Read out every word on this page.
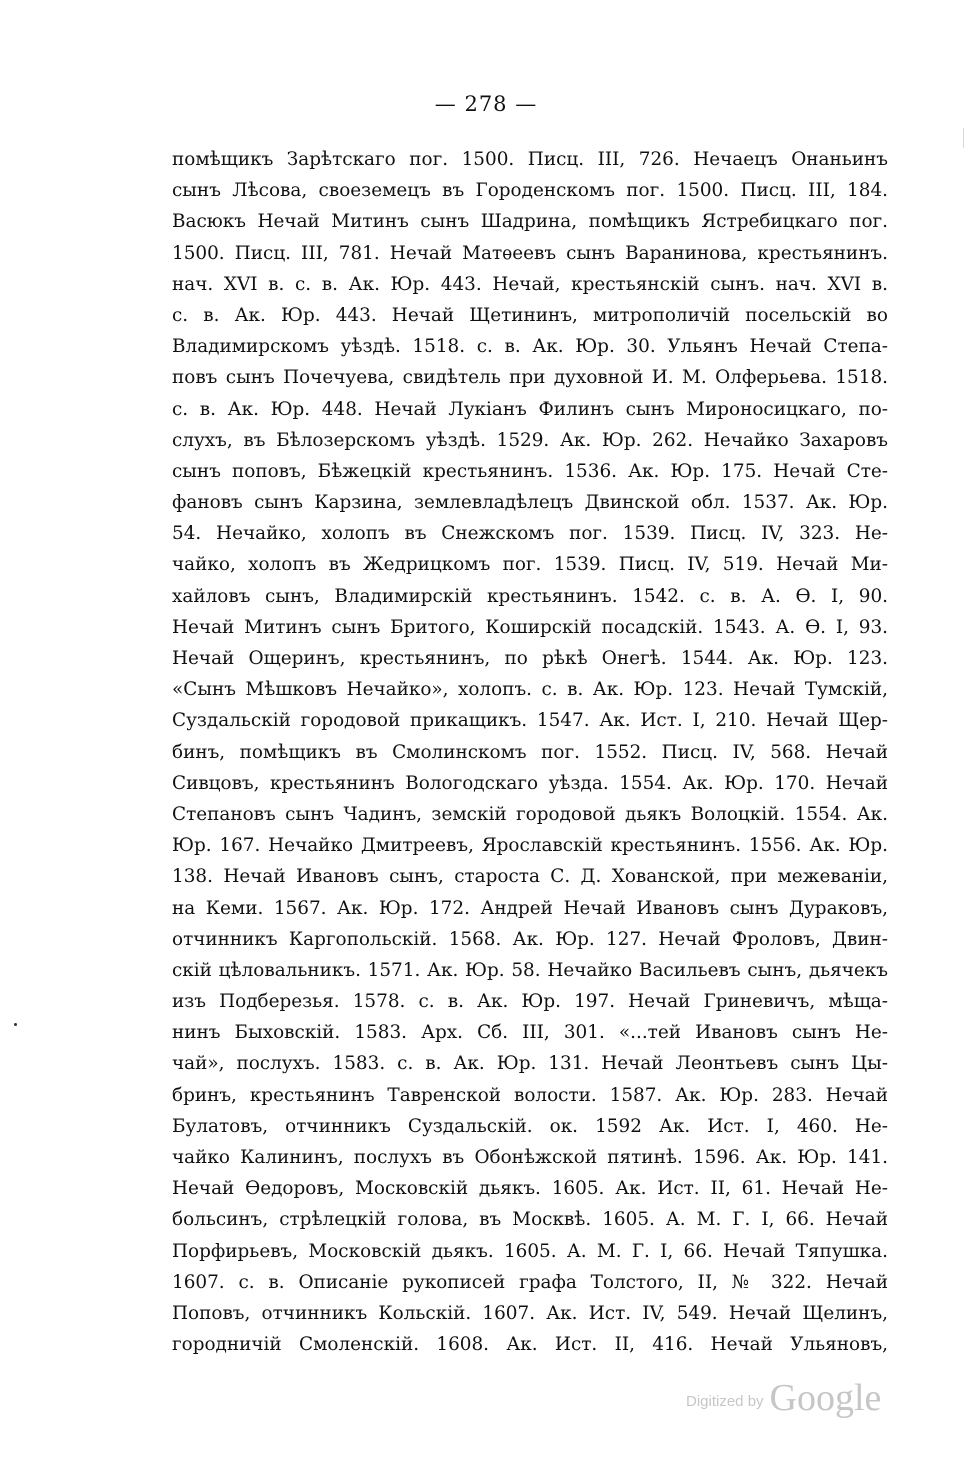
— 278 —
помѣщикъ Зарѣтскаго пог. 1500. Писц. III, 726. Нечаецъ Онаньинъ
сынъ Лѣсова, своеземецъ въ Городенскомъ пог. 1500. Писц. III, 184.
Васюкъ Нечай Митинъ сынъ Шадрина, помѣщикъ Ястребицкаго пог.
1500. Писц. III, 781. Нечай Матѳеевъ сынъ Варанинова, крестьянинъ.
нач. XVI в. с. в. Ак. Юр. 443. Нечай, крестьянскій сынъ. нач. XVI в.
с. в. Ак. Юр. 443. Нечай Щетининъ, митрополичій посельскій во
Владимирскомъ уѣздѣ. 1518. с. в. Ак. Юр. 30. Ульянъ Нечай Степа-
повъ сынъ Почечуева, свидѣтель при духовной И. М. Олферьева. 1518.
с. в. Ак. Юр. 448. Нечай Лукіанъ Филинъ сынъ Мироносицкаго, по-
слухъ, въ Бѣлозерскомъ уѣздѣ. 1529. Ак. Юр. 262. Нечайко Захаровъ
сынъ поповъ, Бѣжецкій крестьянинъ. 1536. Ак. Юр. 175. Нечай Сте-
фановъ сынъ Карзина, землевладѣлецъ Двинской обл. 1537. Ак. Юр.
54. Нечайко, холопъ въ Снежскомъ пог. 1539. Писц. IV, 323. Не-
чайко, холопъ въ Жедрицкомъ пог. 1539. Писц. IV, 519. Нечай Ми-
хайловъ сынъ, Владимирскій крестьянинъ. 1542. с. в. А. Ѳ. I, 90.
Нечай Митинъ сынъ Бритого, Коширскій посадскій. 1543. А. Ѳ. I, 93.
Нечай Ощеринъ, крестьянинъ, по рѣкѣ Онегѣ. 1544. Ак. Юр. 123.
«Сынъ Мѣшковъ Нечайко», холопъ. с. в. Ак. Юр. 123. Нечай Тумскій,
Суздальскій городовой прикащикъ. 1547. Ак. Ист. I, 210. Нечай Щер-
бинъ, помѣщикъ въ Смолинскомъ пог. 1552. Писц. IV, 568. Нечай
Сивцовъ, крестьянинъ Вологодскаго уѣзда. 1554. Ак. Юр. 170. Нечай
Степановъ сынъ Чадинъ, земскій городовой дьякъ Волоцкій. 1554. Ак.
Юр. 167. Нечайко Дмитреевъ, Ярославскій крестьянинъ. 1556. Ак. Юр.
138. Нечай Ивановъ сынъ, староста С. Д. Хованской, при межеваніи,
на Кеми. 1567. Ак. Юр. 172. Андрей Нечай Ивановъ сынъ Дураковъ,
отчинникъ Каргопольскій. 1568. Ак. Юр. 127. Нечай Фроловъ, Двин-
скій цѣловальникъ. 1571. Ак. Юр. 58. Нечайко Васильевъ сынъ, дьячекъ
изъ Подберезья. 1578. с. в. Ак. Юр. 197. Нечай Гриневичъ, мѣща-
нинъ Быховскій. 1583. Арх. Сб. III, 301. «...тей Ивановъ сынъ Не-
чай», послухъ. 1583. с. в. Ак. Юр. 131. Нечай Леонтьевъ сынъ Цы-
бринъ, крестьянинъ Тавренской волости. 1587. Ак. Юр. 283. Нечай
Булатовъ, отчинникъ Суздальскій. ок. 1592 Ак. Ист. I, 460. Не-
чайко Калининъ, послухъ въ Обонѣжской пятинѣ. 1596. Ак. Юр. 141.
Нечай Ѳедоровъ, Московскій дьякъ. 1605. Ак. Ист. II, 61. Нечай Не-
больсинъ, стрѣлецкій голова, въ Москвѣ. 1605. А. М. Г. I, 66. Нечай
Порфирьевъ, Московскій дьякъ. 1605. А. М. Г. I, 66. Нечай Тяпушка.
1607. с. в. Описаніе рукописей графа Толстого, II, № 322. Нечай
Поповъ, отчинникъ Кольскій. 1607. Ак. Ист. IV, 549. Нечай Щелинъ,
городничій Смоленскій. 1608. Ак. Ист. II, 416. Нечай Ульяновъ,
Digitized by Google
